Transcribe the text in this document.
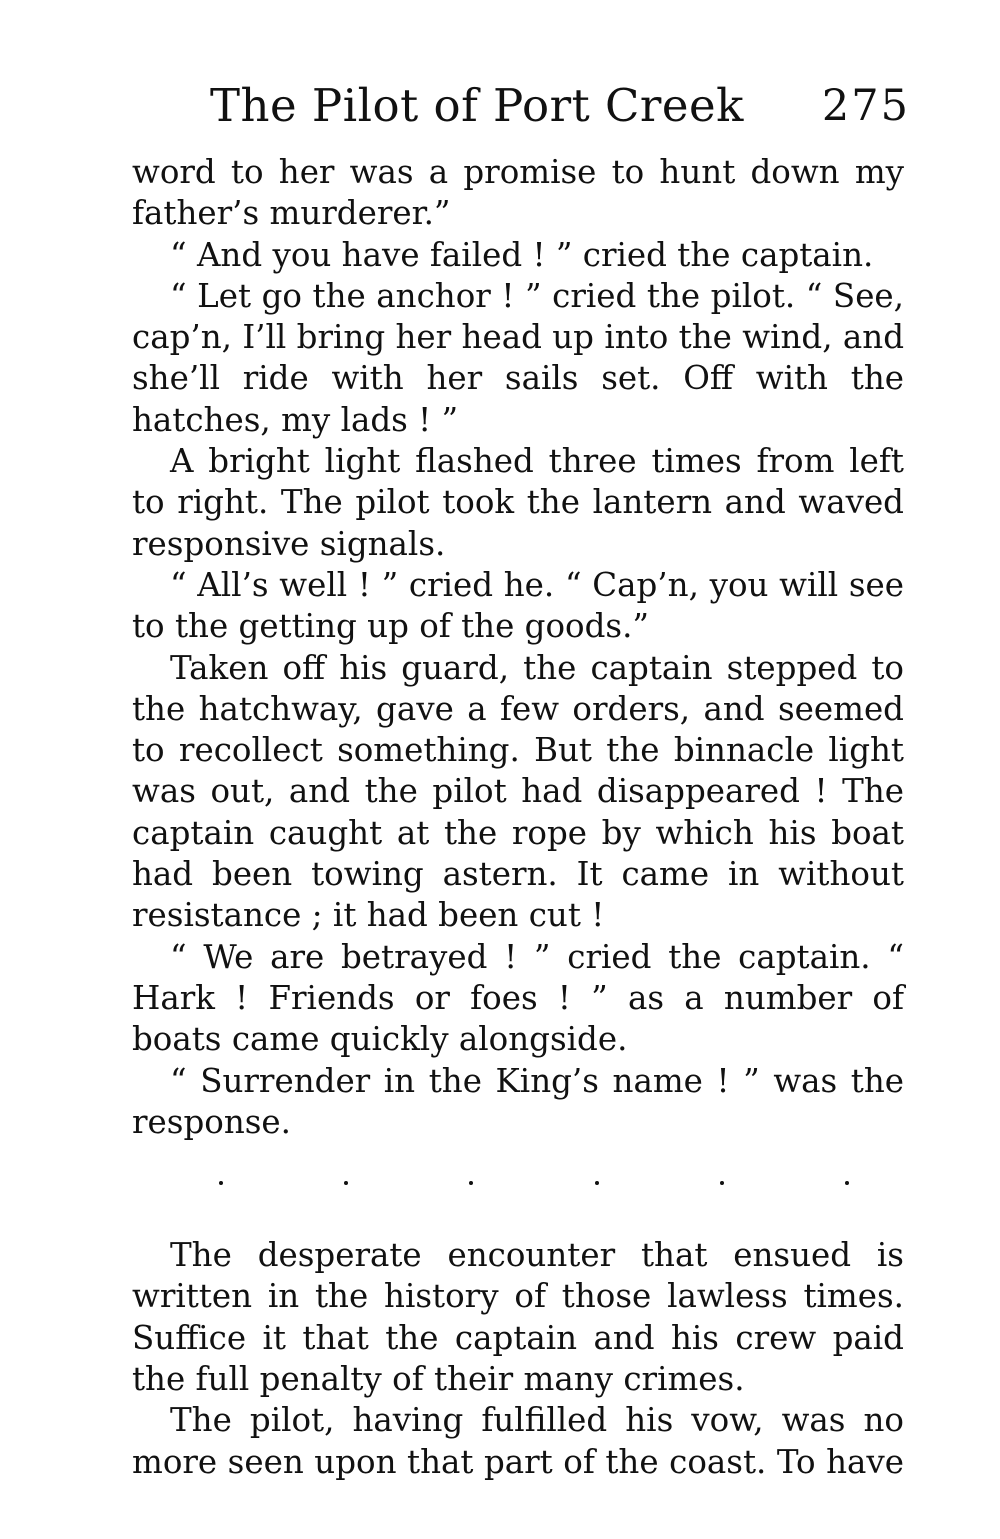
The Pilot of Port Creek 275

word to her was a promise to hunt down my father’s murderer.”

“ And you have failed ! ” cried the captain.

“ Let go the anchor ! ” cried the pilot. “ See, cap’n, I’ll bring her head up into the wind, and she’ll ride with her sails set. Off with the hatches, my lads ! ”

A bright light flashed three times from left to right. The pilot took the lantern and waved responsive signals.

“ All’s well ! ” cried he. “ Cap’n, you will see to the getting up of the goods.”

Taken off his guard, the captain stepped to the hatchway, gave a few orders, and seemed to recollect something. But the binnacle light was out, and the pilot had disappeared ! The captain caught at the rope by which his boat had been towing astern. It came in without resistance ; it had been cut !

“ We are betrayed ! ” cried the captain. “ Hark ! Friends or foes ! ” as a number of boats came quickly alongside.

“ Surrender in the King’s name ! ” was the response.

The desperate encounter that ensued is written in the history of those lawless times. Suffice it that the captain and his crew paid the full penalty of their many crimes.

The pilot, having fulfilled his vow, was no more seen upon that part of the coast. To have
